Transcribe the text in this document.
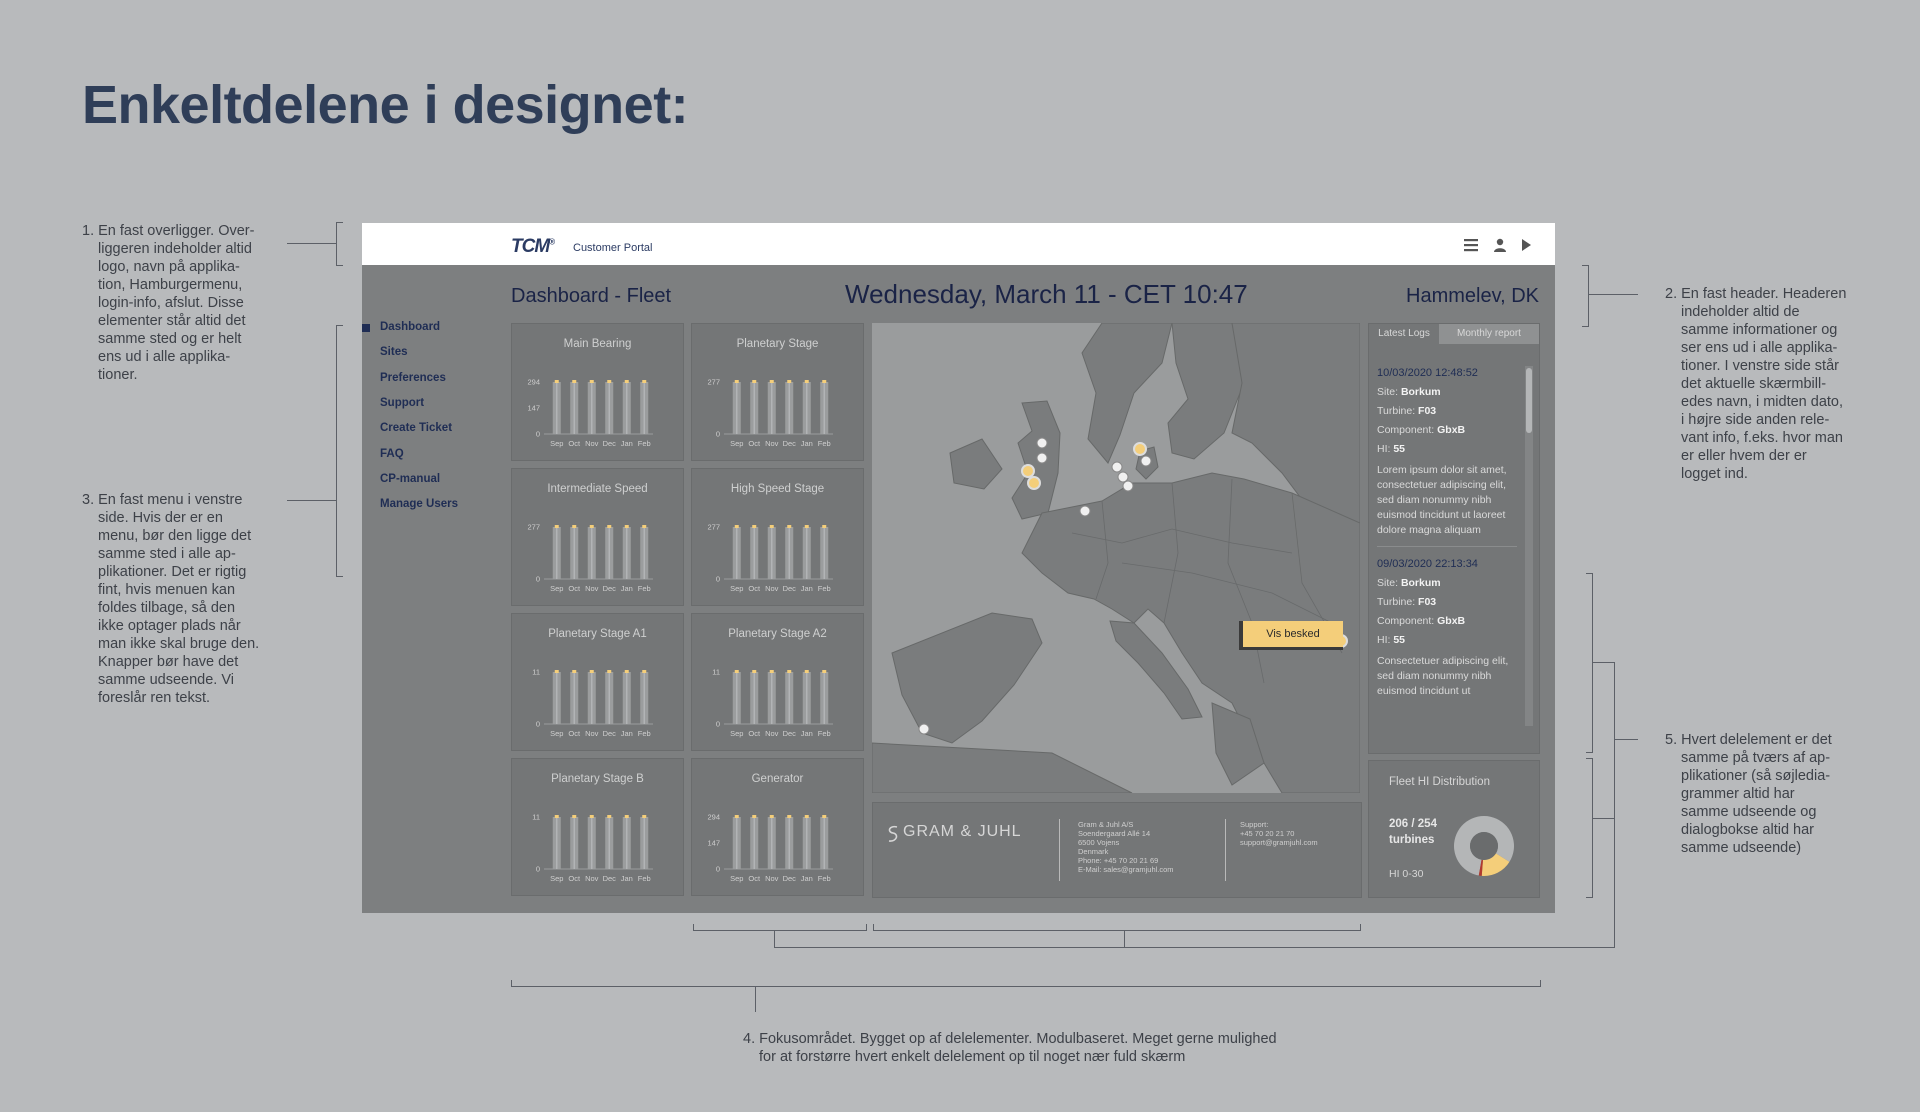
Enkeltdelene i designet:
1. En fast overligger. Over-
liggeren indeholder altid
logo, navn på applika-
tion, Hamburgermenu,
login-info, afslut. Disse
elementer står altid det
samme sted og er helt
ens ud i alle applika-
tioner.
3. En fast menu i venstre
side. Hvis der er en
menu, bør den ligge det
samme sted i alle ap-
plikationer. Det er rigtig
fint, hvis menuen kan
foldes tilbage, så den
ikke optager plads når
man ikke skal bruge den.
Knapper bør have det
samme udseende. Vi
foreslår ren tekst.
2. En fast header. Headeren
indeholder altid de
samme informationer og
ser ens ud i alle applika-
tioner. I venstre side står
det aktuelle skærmbill-
edes navn, i midten dato,
i højre side anden rele-
vant info, f.eks. hvor man
er eller hvem der er
logget ind.
5. Hvert delelement er det
samme på tværs af ap-
plikationer (så søjledia-
grammer altid har
samme udseende og
dialogbokse altid har
samme udseende)
4. Fokusområdet. Bygget op af delelementer. Modulbaseret. Meget gerne mulighed
for at forstørre hvert enkelt delelement op til noget nær fuld skærm
TCM® Customer Portal
Dashboard - Fleet	Wednesday, March 11 - CET 10:47	Hammelev, DK
Dashboard
Sites
Preferences
Support
Create Ticket
FAQ
CP-manual
Manage Users
Main Bearing
0
147
294
Sep Oct Nov Dec Jan Feb
Planetary Stage
0
277
Sep Oct Nov Dec Jan Feb
Intermediate Speed
0
277
Sep Oct Nov Dec Jan Feb
High Speed Stage
0
277
Sep Oct Nov Dec Jan Feb
Planetary Stage A1
0
11
Sep Oct Nov Dec Jan Feb
Planetary Stage A2
0
11
Sep Oct Nov Dec Jan Feb
Planetary Stage B
0
11
Sep Oct Nov Dec Jan Feb
Generator
0
147
294
Sep Oct Nov Dec Jan Feb
Vis besked
Latest Logs	Monthly report
10/03/2020 12:48:52
Site: Borkum
Turbine: F03
Component: GbxB
HI: 55
Lorem ipsum dolor sit amet, consectetuer adipiscing elit, sed diam nonummy nibh euismod tincidunt ut laoreet dolore magna aliquam
09/03/2020 22:13:34
Site: Borkum
Turbine: F03
Component: GbxB
HI: 55
Consectetuer adipiscing elit, sed diam nonummy nibh euismod tincidunt ut
GRAM & JUHL	Gram & Juhl A/S
Soendergaard Allé 14
6500 Vojens
Denmark
Phone: +45 70 20 21 69
E-Mail: sales@gramjuhl.com
Support:
+45 70 20 21 70
support@gramjuhl.com
Fleet HI Distribution
206 / 254
turbines
HI 0-30
